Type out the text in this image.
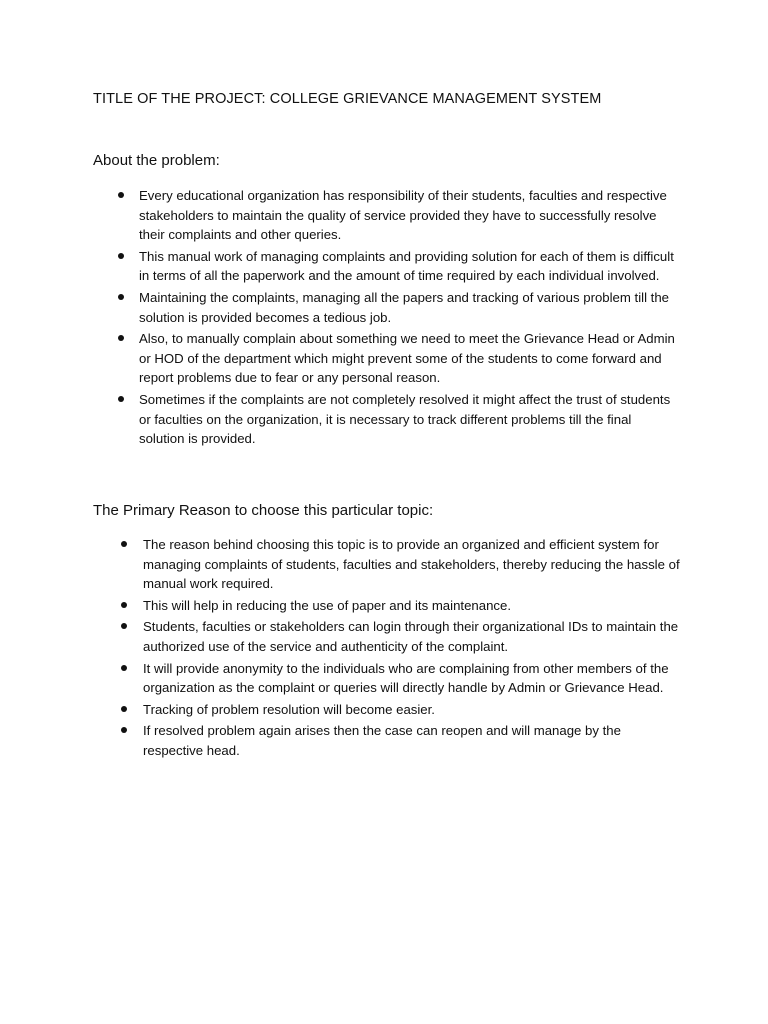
TITLE OF THE PROJECT: COLLEGE GRIEVANCE MANAGEMENT SYSTEM
About the problem:
Every educational organization has responsibility of their students, faculties and respective stakeholders to maintain the quality of service provided they have to successfully resolve their complaints and other queries.
This manual work of managing complaints and providing solution for each of them is difficult in terms of all the paperwork and the amount of time required by each individual involved.
Maintaining the complaints, managing all the papers and tracking of various problem till the solution is provided becomes a tedious job.
Also, to manually complain about something we need to meet the Grievance Head or Admin or HOD of the department which might prevent some of the students to come forward and report problems due to fear or any personal reason.
Sometimes if the complaints are not completely resolved it might affect the trust of students or faculties on the organization, it is necessary to track different problems till the final solution is provided.
The Primary Reason to choose this particular topic:
The reason behind choosing this topic is to provide an organized and efficient system for managing complaints of students, faculties and stakeholders, thereby reducing the hassle of manual work required.
This will help in reducing the use of paper and its maintenance.
Students, faculties or stakeholders can login through their organizational IDs to maintain the authorized use of the service and authenticity of the complaint.
It will provide anonymity to the individuals who are complaining from other members of the organization as the complaint or queries will directly handle by Admin or Grievance Head.
Tracking of problem resolution will become easier.
If resolved problem again arises then the case can reopen and will manage by the respective head.
